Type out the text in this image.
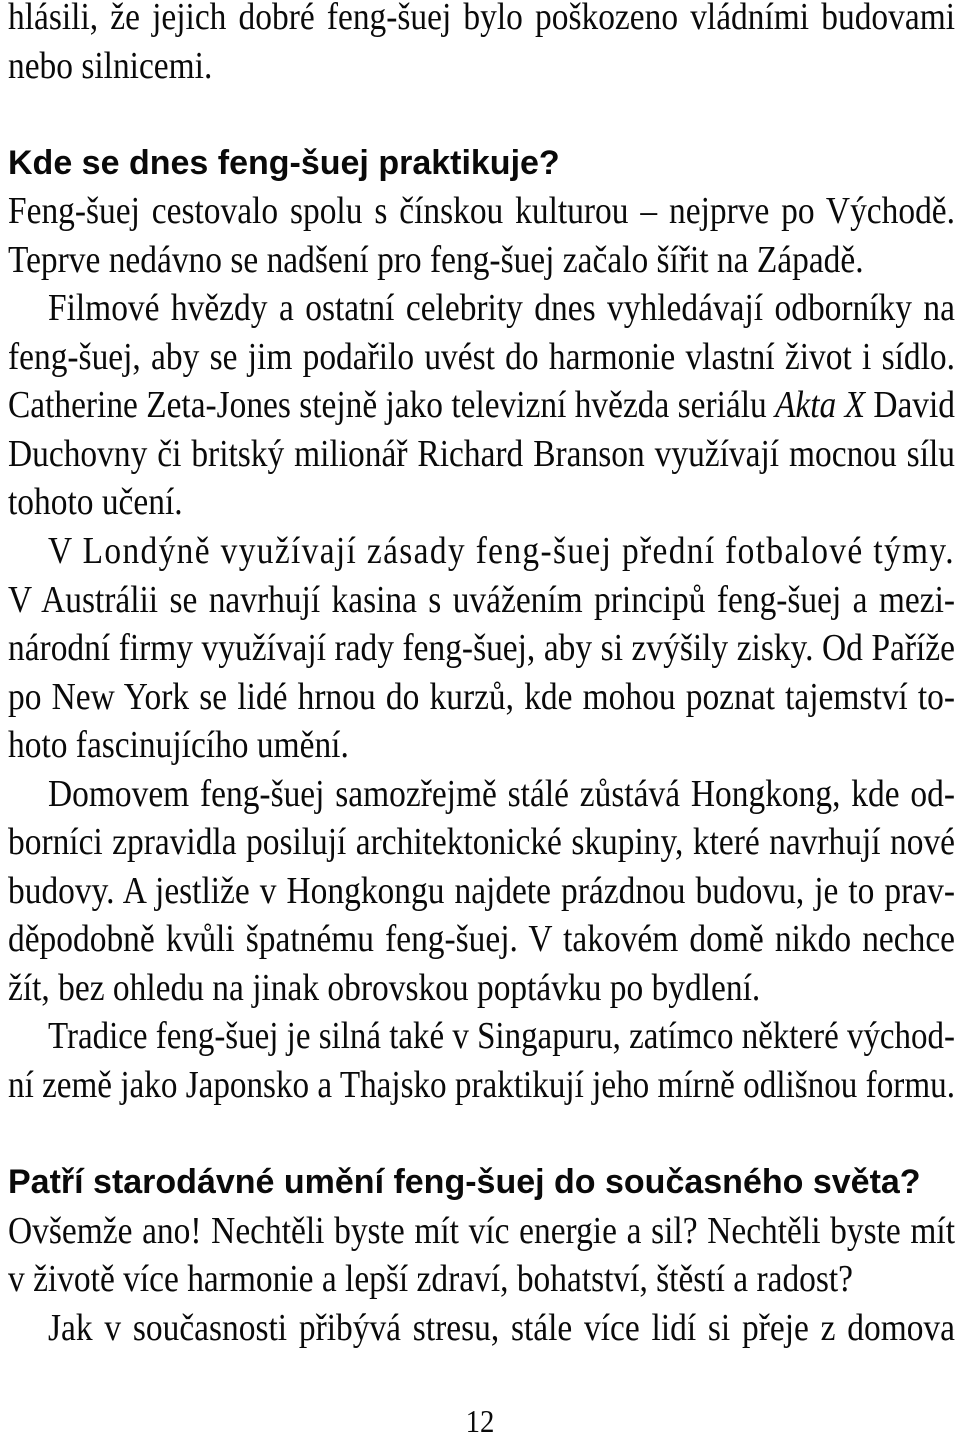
hlásili, že jejich dobré feng-šuej bylo poškozeno vládními budovami
nebo silnicemi.
Kde se dnes feng-šuej praktikuje?
Feng-šuej cestovalo spolu s čínskou kulturou – nejprve po Východě.
Teprve nedávno se nadšení pro feng-šuej začalo šířit na Západě.
Filmové hvězdy a ostatní celebrity dnes vyhledávají odborníky na
feng-šuej, aby se jim podařilo uvést do harmonie vlastní život i sídlo.
Catherine Zeta-Jones stejně jako televizní hvězda seriálu Akta X David
Duchovny či britský milionář Richard Branson využívají mocnou sílu
tohoto učení.
V Londýně využívají zásady feng-šuej přední fotbalové týmy.
V Austrálii se navrhují kasina s uvážením principů feng-šuej a mezi-
národní firmy využívají rady feng-šuej, aby si zvýšily zisky. Od Paříže
po New York se lidé hrnou do kurzů, kde mohou poznat tajemství to-
hoto fascinujícího umění.
Domovem feng-šuej samozřejmě stálé zůstává Hongkong, kde od-
borníci zpravidla posilují architektonické skupiny, které navrhují nové
budovy. A jestliže v Hongkongu najdete prázdnou budovu, je to prav-
děpodobně kvůli špatnému feng-šuej. V takovém domě nikdo nechce
žít, bez ohledu na jinak obrovskou poptávku po bydlení.
Tradice feng-šuej je silná také v Singapuru, zatímco některé východ-
ní země jako Japonsko a Thajsko praktikují jeho mírně odlišnou formu.
Patří starodávné umění feng-šuej do současného světa?
Ovšemže ano! Nechtěli byste mít víc energie a sil? Nechtěli byste mít
v životě více harmonie a lepší zdraví, bohatství, štěstí a radost?
Jak v současnosti přibývá stresu, stále více lidí si přeje z domova
12
